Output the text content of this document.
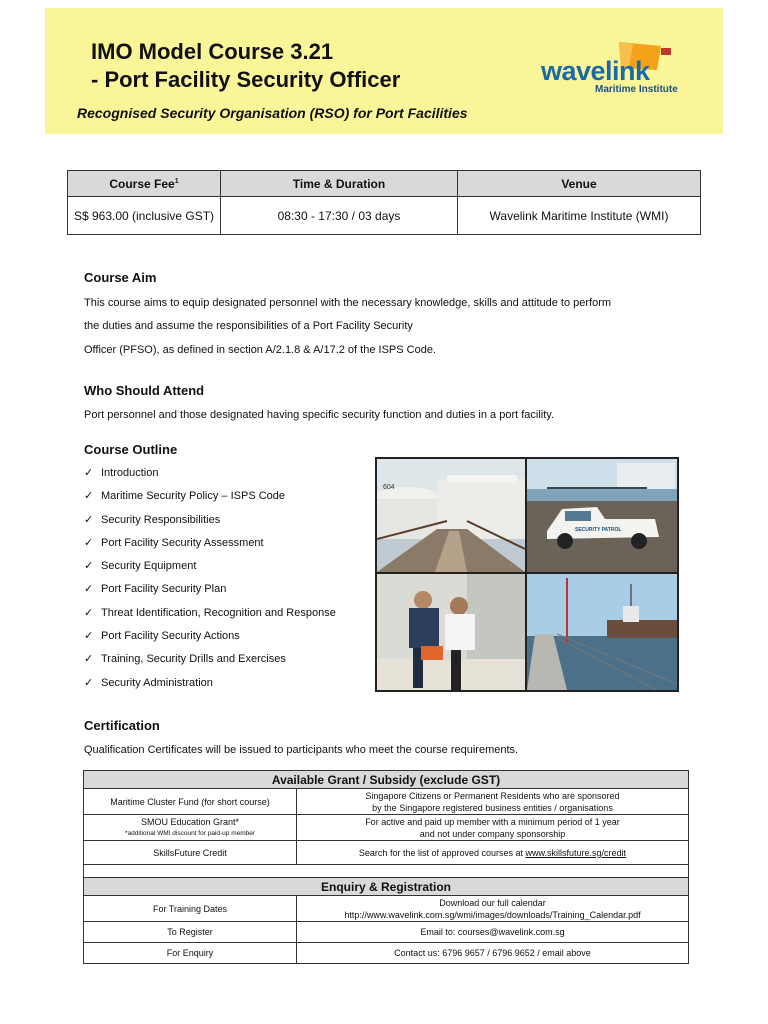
IMO Model Course 3.21
- Port Facility Security Officer
Recognised Security Organisation (RSO) for Port Facilities
wavelink
Maritime Institute
Course Fee$^1$	Time & Duration	Venue
S$ 963.00 (inclusive GST)	08:30 - 17:30 / 03 days	Wavelink Maritime Institute (WMI)
Course Aim
This course aims to equip designated personnel with the necessary knowledge, skills and attitude to perform
the duties and assume the responsibilities of a Port Facility Security
Officer (PFSO), as defined in section A/2.1.8 & A/17.2 of the ISPS Code.
Who Should Attend
Port personnel and those designated having specific security function and duties in a port facility.
Course Outline
✓ Introduction
✓ Maritime Security Policy – ISPS Code
✓ Security Responsibilities
✓ Port Facility Security Assessment
✓ Security Equipment
✓ Port Facility Security Plan
✓ Threat Identification, Recognition and Response
✓ Port Facility Security Actions
✓ Training, Security Drills and Exercises
✓ Security Administration
604
SECURITY PATROL
Certification
Qualification Certificates will be issued to participants who meet the course requirements.
Available Grant / Subsidy (exclude GST)	
Maritime Cluster Fund (for short course)	Singapore Citizens or Permanent Residents who are sponsored
by the Singapore registered business entities / organisations
SMOU Education Grant*
*additional WMI discount for paid-up member	For active and paid up member with a minimum period of 1 year
and not under company sponsorship
SkillsFuture Credit	Search for the list of approved courses at www.skillsfuture.sg/credit

Enquiry & Registration	
For Training Dates	Download our full calendar
http://www.wavelink.com.sg/wmi/images/downloads/Training_Calendar.pdf
To Register	Email to: courses@wavelink.com.sg
For Enquiry	Contact us: 6796 9657 / 6796 9652 / email above
